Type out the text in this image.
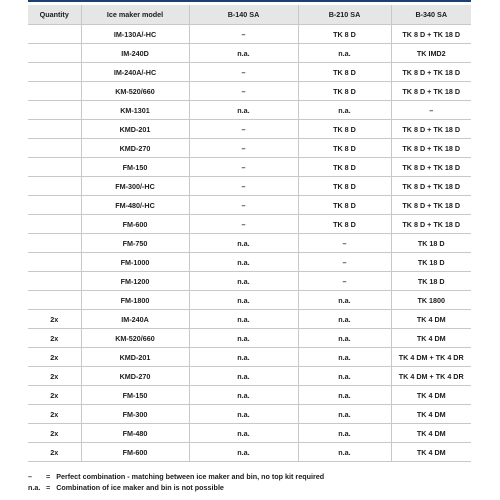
Quantity	Ice maker model	B-140 SA	B-210 SA	B-340 SA
	IM-130A/-HC	–	TK 8 D	TK 8 D + TK 18 D
	IM-240D	n.a.	n.a.	TK IMD2
	IM-240A/-HC	–	TK 8 D	TK 8 D + TK 18 D
	KM-520/660	–	TK 8 D	TK 8 D + TK 18 D
	KM-1301	n.a.	n.a.	–
	KMD-201	–	TK 8 D	TK 8 D + TK 18 D
	KMD-270	–	TK 8 D	TK 8 D + TK 18 D
	FM-150	–	TK 8 D	TK 8 D + TK 18 D
	FM-300/-HC	–	TK 8 D	TK 8 D + TK 18 D
	FM-480/-HC	–	TK 8 D	TK 8 D + TK 18 D
	FM-600	–	TK 8 D	TK 8 D + TK 18 D
	FM-750	n.a.	–	TK 18 D
	FM-1000	n.a.	–	TK 18 D
	FM-1200	n.a.	–	TK 18 D
	FM-1800	n.a.	n.a.	TK 1800
2x	IM-240A	n.a.	n.a.	TK 4 DM
2x	KM-520/660	n.a.	n.a.	TK 4 DM
2x	KMD-201	n.a.	n.a.	TK 4 DM + TK 4 DR
2x	KMD-270	n.a.	n.a.	TK 4 DM + TK 4 DR
2x	FM-150	n.a.	n.a.	TK 4 DM
2x	FM-300	n.a.	n.a.	TK 4 DM
2x	FM-480	n.a.	n.a.	TK 4 DM
2x	FM-600	n.a.	n.a.	TK 4 DM
–	= Perfect combination - matching between ice maker and bin, no top kit required
n.a. = Combination of ice maker and bin is not possible
